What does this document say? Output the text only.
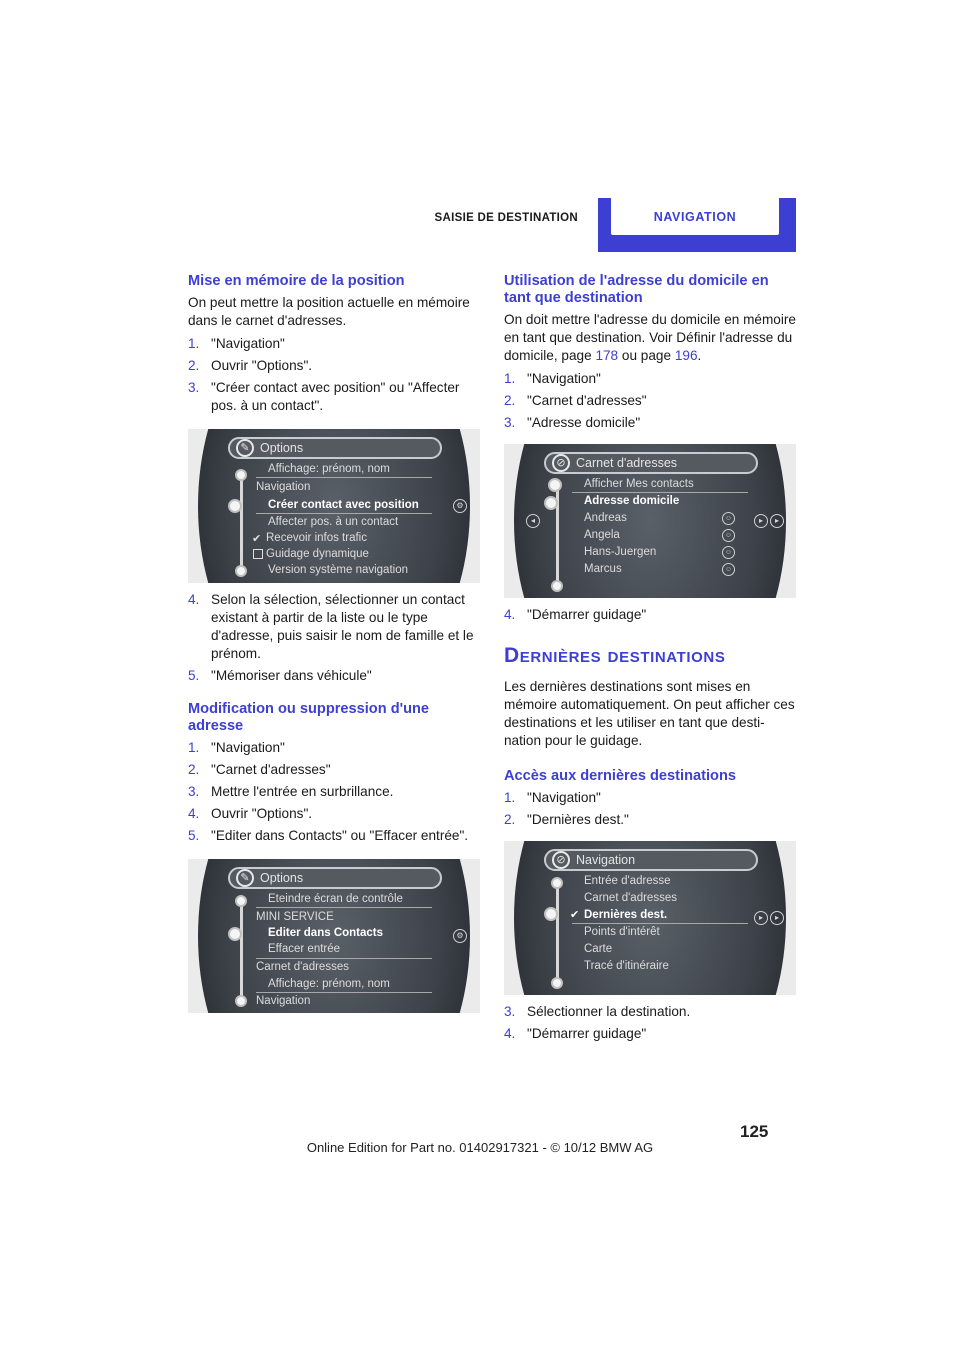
SAISIE DE DESTINATION	NAVIGATION
Mise en mémoire de la position

On peut mettre la position actuelle en mémoire dans le carnet d'adresses.

1. "Navigation"
2. Ouvrir "Options".
3. "Créer contact avec position" ou "Affecter pos. à un contact".
✎ Options
Affichage: prénom, nom
Navigation
Créer contact avec position
Affecter pos. à un contact
Recevoir infos trafic
Guidage dynamique
Version système navigation
✔
⚙
4. Selon la sélection, sélectionner un contact existant à partir de la liste ou le type d'adresse, puis saisir le nom de famille et le prénom.
5. "Mémoriser dans véhicule"
Modification ou suppression d'une adresse
1. "Navigation"
2. "Carnet d'adresses"
3. Mettre l'entrée en surbrillance.
4. Ouvrir "Options".
5. "Editer dans Contacts" ou "Effacer entrée".
✎ Options
Eteindre écran de contrôle
MINI SERVICE
Editer dans Contacts
Effacer entrée
Carnet d'adresses
Affichage: prénom, nom
Navigation
⚙
Utilisation de l'adresse du domicile en tant que destination

On doit mettre l'adresse du domicile en mémoire en tant que destination. Voir Définir l'adresse du domicile, page 178 ou page 196.

1. "Navigation"
2. "Carnet d'adresses"
3. "Adresse domicile"
⊘ Carnet d'adresses
Afficher Mes contacts
Adresse domicile
Andreas
Angela
Hans-Juergen
Marcus
☺
☺
☺
☺
◂	▸	▸
4. "Démarrer guidage"
Dernières destinations

Les dernières destinations sont mises en mémoire automatiquement. On peut afficher ces destinations et les utiliser en tant que desti-nation pour le guidage.

Accès aux dernières destinations
1. "Navigation"
2. "Dernières dest."
⊘ Navigation
Entrée d'adresse
Carnet d'adresses
Dernières dest.
✔
Points d'intérêt
Carte
Tracé d'itinéraire
▸	▸
3. Sélectionner la destination.
4. "Démarrer guidage"
125
Online Edition for Part no. 01402917321 - © 10/12 BMW AG
